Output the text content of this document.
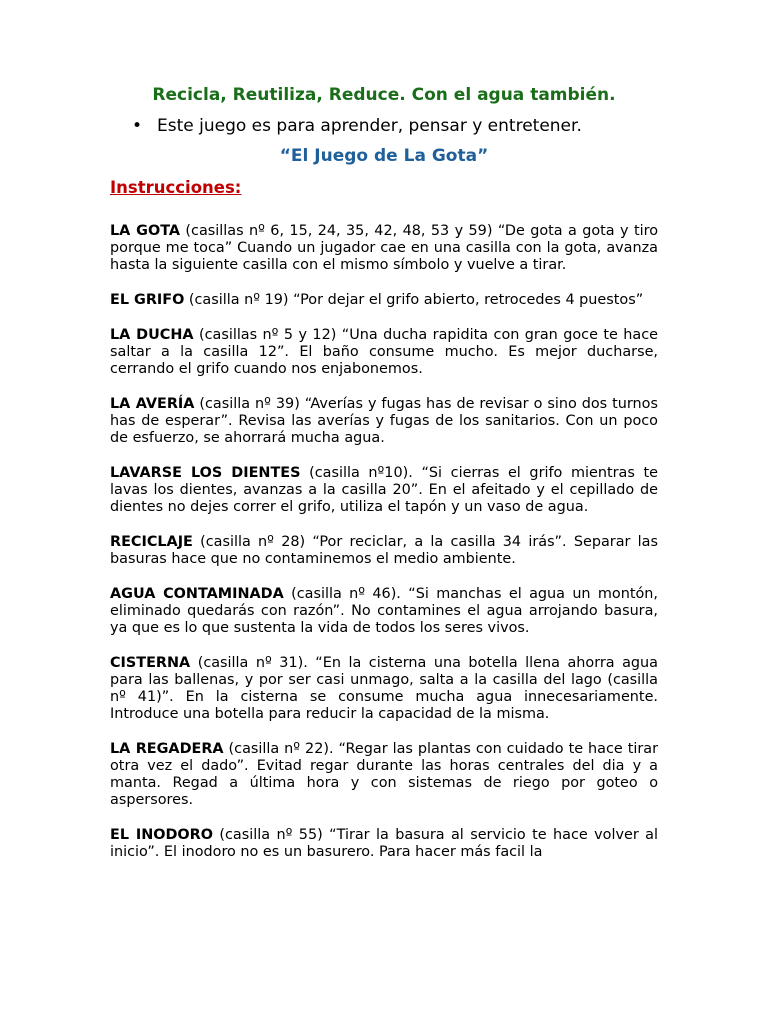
Recicla, Reutiliza, Reduce. Con el agua también.

• Este juego es para aprender, pensar y entretener.

“El Juego de La Gota”

Instrucciones:

LA GOTA (casillas nº 6, 15, 24, 35, 42, 48, 53 y 59) “De gota a gota y tiro porque me toca” Cuando un jugador cae en una casilla con la gota, avanza hasta la siguiente casilla con el mismo símbolo y vuelve a tirar.

EL GRIFO (casilla nº 19) “Por dejar el grifo abierto, retrocedes 4 puestos”

LA DUCHA (casillas nº 5 y 12) “Una ducha rapidita con gran goce te hace saltar a la casilla 12”. El baño consume mucho. Es mejor ducharse, cerrando el grifo cuando nos enjabonemos.

LA AVERÍA (casilla nº 39) “Averías y fugas has de revisar o sino dos turnos has de esperar”. Revisa las averías y fugas de los sanitarios. Con un poco de esfuerzo, se ahorrará mucha agua.

LAVARSE LOS DIENTES (casilla nº10). “Si cierras el grifo mientras te lavas los dientes, avanzas a la casilla 20”. En el afeitado y el cepillado de dientes no dejes correr el grifo, utiliza el tapón y un vaso de agua.

RECICLAJE (casilla nº 28) “Por reciclar, a la casilla 34 irás”. Separar las basuras hace que no contaminemos el medio ambiente.

AGUA CONTAMINADA (casilla nº 46). “Si manchas el agua un montón, eliminado quedarás con razón”. No contamines el agua arrojando basura, ya que es lo que sustenta la vida de todos los seres vivos.

CISTERNA (casilla nº 31). “En la cisterna una botella llena ahorra agua para las ballenas, y por ser casi unmago, salta a la casilla del lago (casilla nº 41)”. En la cisterna se consume mucha agua innecesariamente. Introduce una botella para reducir la capacidad de la misma.

LA REGADERA (casilla nº 22). “Regar las plantas con cuidado te hace tirar otra vez el dado”. Evitad regar durante las horas centrales del dia y a manta. Regad a última hora y con sistemas de riego por goteo o aspersores.

EL INODORO (casilla nº 55) “Tirar la basura al servicio te hace volver al inicio”. El inodoro no es un basurero. Para hacer más facil la
